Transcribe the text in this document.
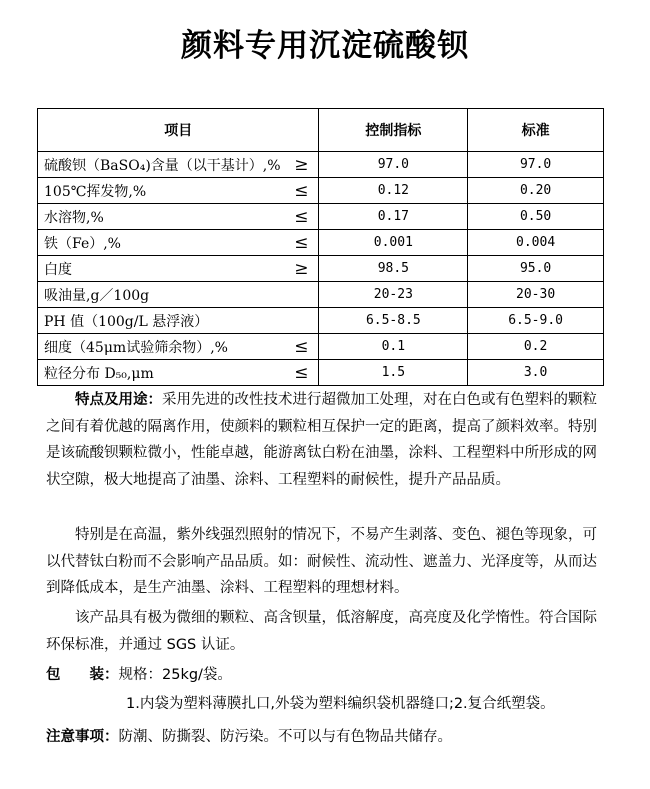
颜料专用沉淀硫酸钡
项目	控制指标	标准

硫酸钡（BaSO₄)含量（以干基计）,% ≥	97.0	97.0

105℃挥发物,% ≤	0.12	0.20

水溶物,% ≤	0.17	0.50

铁（Fe）,% ≤	0.001	0.004

白度 ≥	98.5	95.0

吸油量,g／100g	20-23	20-30

PH 值（100g/L 悬浮液）	6.5-8.5	6.5-9.0

细度（45μm试验筛余物）,% ≤	0.1	0.2

粒径分布 D₅₀,μm ≤	1.5	3.0
特点及用途：采用先进的改性技术进行超微加工处理，对在白色或有色塑料的颗粒之间有着优越的隔离作用，使颜料的颗粒相互保护一定的距离，提高了颜料效率。特别是该硫酸钡颗粒微小，性能卓越，能游离钛白粉在油墨，涂料、工程塑料中所形成的网状空隙，极大地提高了油墨、涂料、工程塑料的耐候性，提升产品品质。
特别是在高温，紫外线强烈照射的情况下，不易产生剥落、变色、褪色等现象，可以代替钛白粉而不会影响产品品质。如：耐候性、流动性、遮盖力、光泽度等，从而达到降低成本，是生产油墨、涂料、工程塑料的理想材料。
该产品具有极为微细的颗粒、高含钡量，低溶解度，高亮度及化学惰性。符合国际环保标准，并通过 SGS 认证。
包　　装：规格：25kg/袋。
1.内袋为塑料薄膜扎口,外袋为塑料编织袋机器缝口;2.复合纸塑袋。
注意事项：防潮、防撕裂、防污染。不可以与有色物品共储存。
